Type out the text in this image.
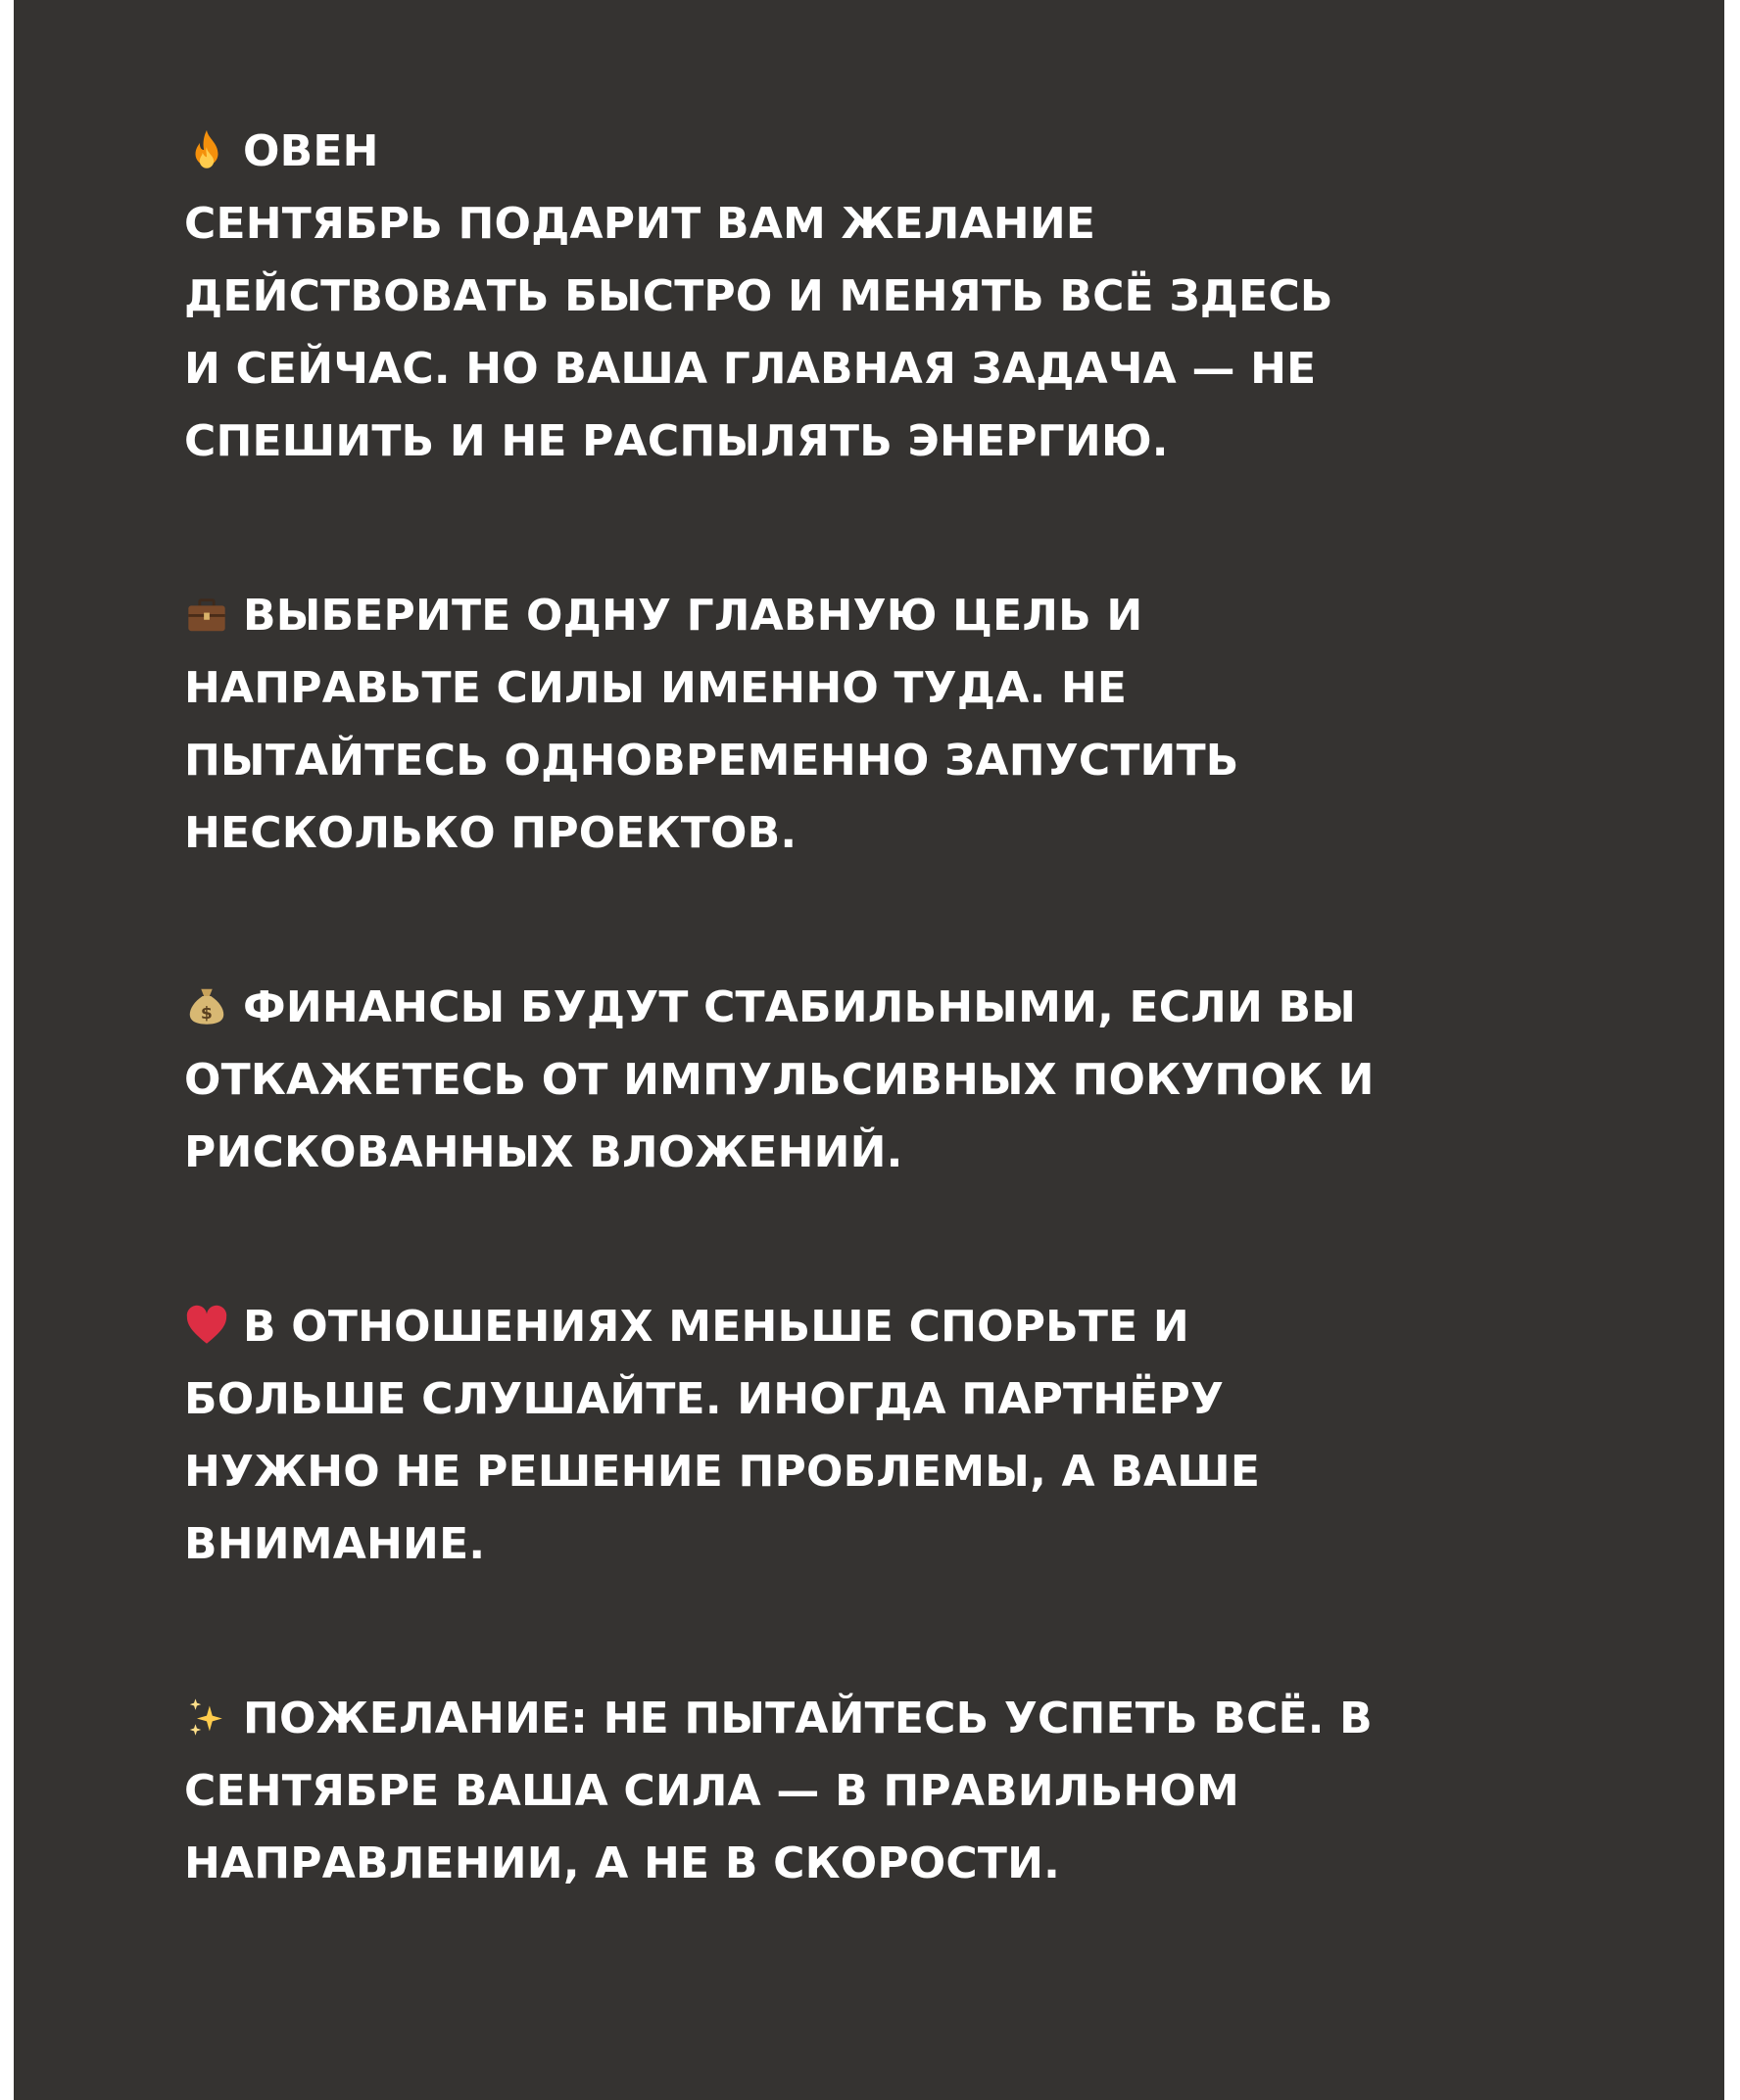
ОВЕН
СЕНТЯБРЬ ПОДАРИТ ВАМ ЖЕЛАНИЕ
ДЕЙСТВОВАТЬ БЫСТРО И МЕНЯТЬ ВСЁ ЗДЕСЬ
И СЕЙЧАС. НО ВАША ГЛАВНАЯ ЗАДАЧА — НЕ
СПЕШИТЬ И НЕ РАСПЫЛЯТЬ ЭНЕРГИЮ.
ВЫБЕРИТЕ ОДНУ ГЛАВНУЮ ЦЕЛЬ И
НАПРАВЬТЕ СИЛЫ ИМЕННО ТУДА. НЕ
ПЫТАЙТЕСЬ ОДНОВРЕМЕННО ЗАПУСТИТЬ
НЕСКОЛЬКО ПРОЕКТОВ.
$ ФИНАНСЫ БУДУТ СТАБИЛЬНЫМИ, ЕСЛИ ВЫ
ОТКАЖЕТЕСЬ ОТ ИМПУЛЬСИВНЫХ ПОКУПОК И
РИСКОВАННЫХ ВЛОЖЕНИЙ.
В ОТНОШЕНИЯХ МЕНЬШЕ СПОРЬТЕ И
БОЛЬШЕ СЛУШАЙТЕ. ИНОГДА ПАРТНЁРУ
НУЖНО НЕ РЕШЕНИЕ ПРОБЛЕМЫ, А ВАШЕ
ВНИМАНИЕ.
ПОЖЕЛАНИЕ: НЕ ПЫТАЙТЕСЬ УСПЕТЬ ВСЁ. В
СЕНТЯБРЕ ВАША СИЛА — В ПРАВИЛЬНОМ
НАПРАВЛЕНИИ, А НЕ В СКОРОСТИ.
